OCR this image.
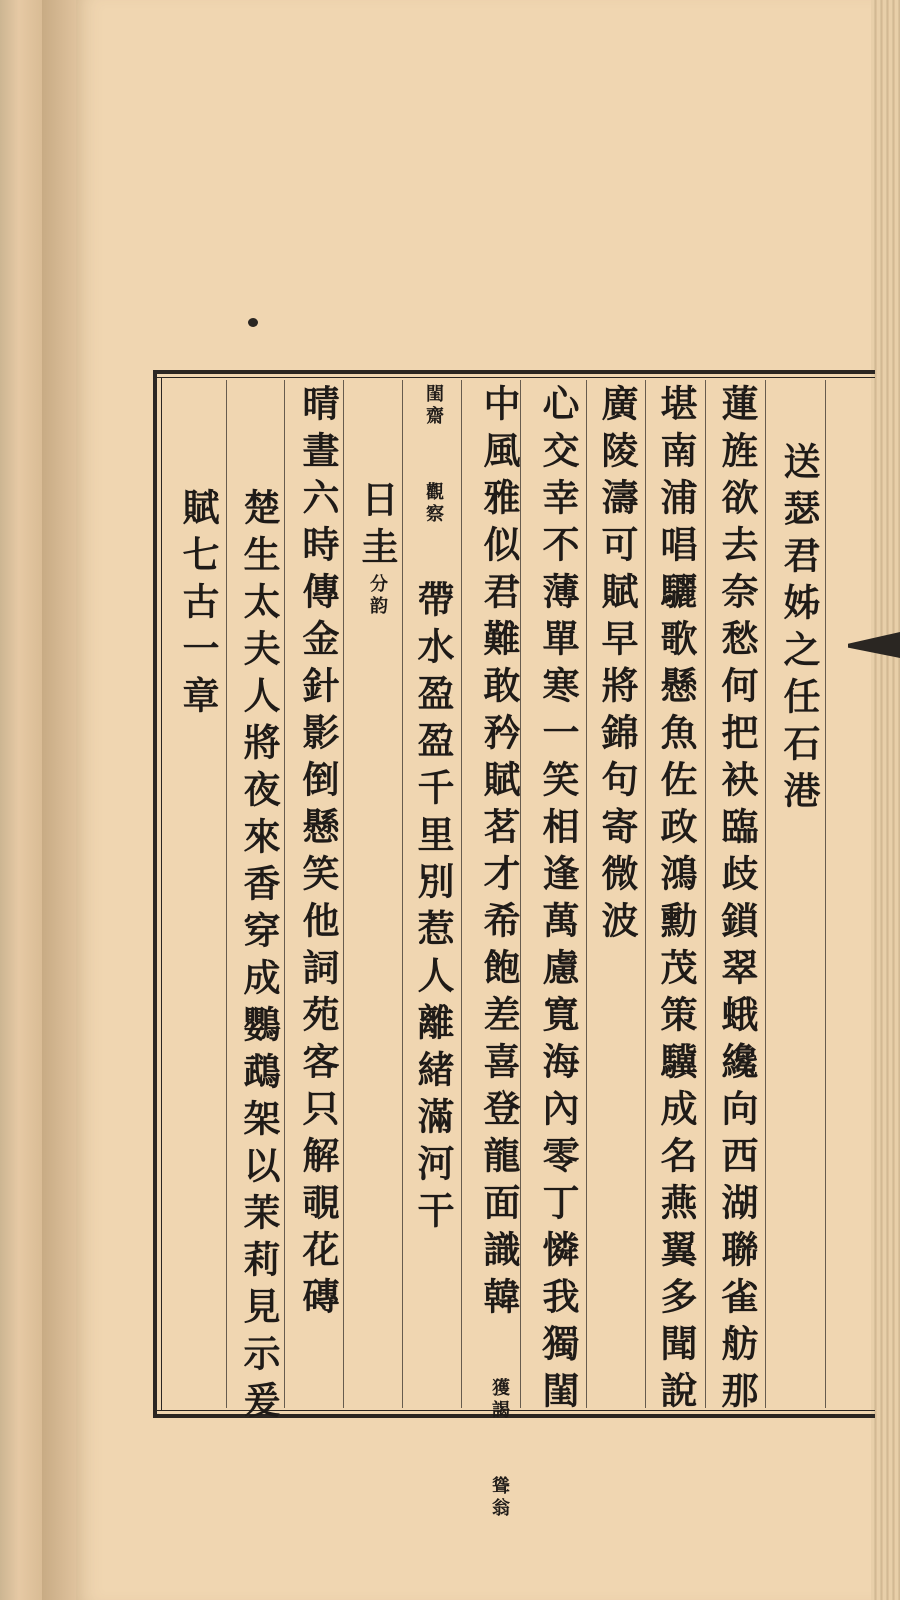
送瑟君姊之任石港
蓮旌欲去奈愁何把袂臨歧鎖翠蛾纔向西湖聯雀舫那
堪南浦唱驪歌懸魚佐政鴻勳茂策驥成名燕翼多聞說
廣陵濤可賦早將錦句寄微波
心交幸不薄單寒一笑相逢萬慮寬海內零丁憐我獨閨
中風雅似君難敢矜賦茗才希飽差喜登龍面識韓 獲謁 聳翁
閨齋 觀察 帶水盈盈千里別惹人離緒滿河干
日圭分韵
晴晝六時傳金針影倒懸笑他詞苑客只解覗花磚
楚生太夫人將夜來香穿成鸚鵡架以茉莉見示爰
賦七古一章
